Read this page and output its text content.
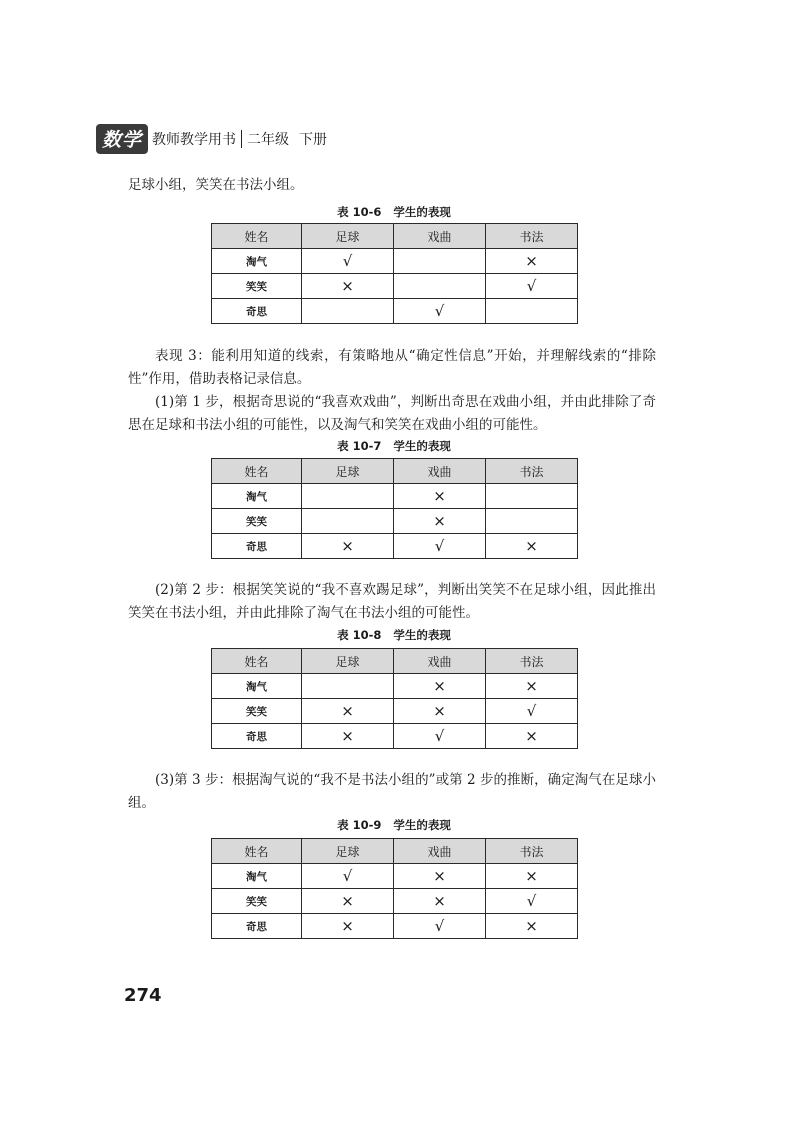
数学 教师教学用书 二年级 下册
足球小组，笑笑在书法小组。
表 10-6 学生的表现
姓名	足球	戏曲	书法
淘气	√		×
笑笑	×		√
奇思		√	
表现 3：能利用知道的线索，有策略地从“确定性信息”开始，并理解线索的“排除性”作用，借助表格记录信息。
(1)第 1 步，根据奇思说的“我喜欢戏曲”，判断出奇思在戏曲小组，并由此排除了奇思在足球和书法小组的可能性，以及淘气和笑笑在戏曲小组的可能性。
表 10-7 学生的表现
姓名	足球	戏曲	书法
淘气		×	
笑笑		×	
奇思	×	√	×
(2)第 2 步：根据笑笑说的“我不喜欢踢足球”，判断出笑笑不在足球小组，因此推出笑笑在书法小组，并由此排除了淘气在书法小组的可能性。
表 10-8 学生的表现
姓名	足球	戏曲	书法
淘气		×	×
笑笑	×	×	√
奇思	×	√	×
(3)第 3 步：根据淘气说的“我不是书法小组的”或第 2 步的推断，确定淘气在足球小组。
表 10-9 学生的表现
姓名	足球	戏曲	书法
淘气	√	×	×
笑笑	×	×	√
奇思	×	√	×
274
